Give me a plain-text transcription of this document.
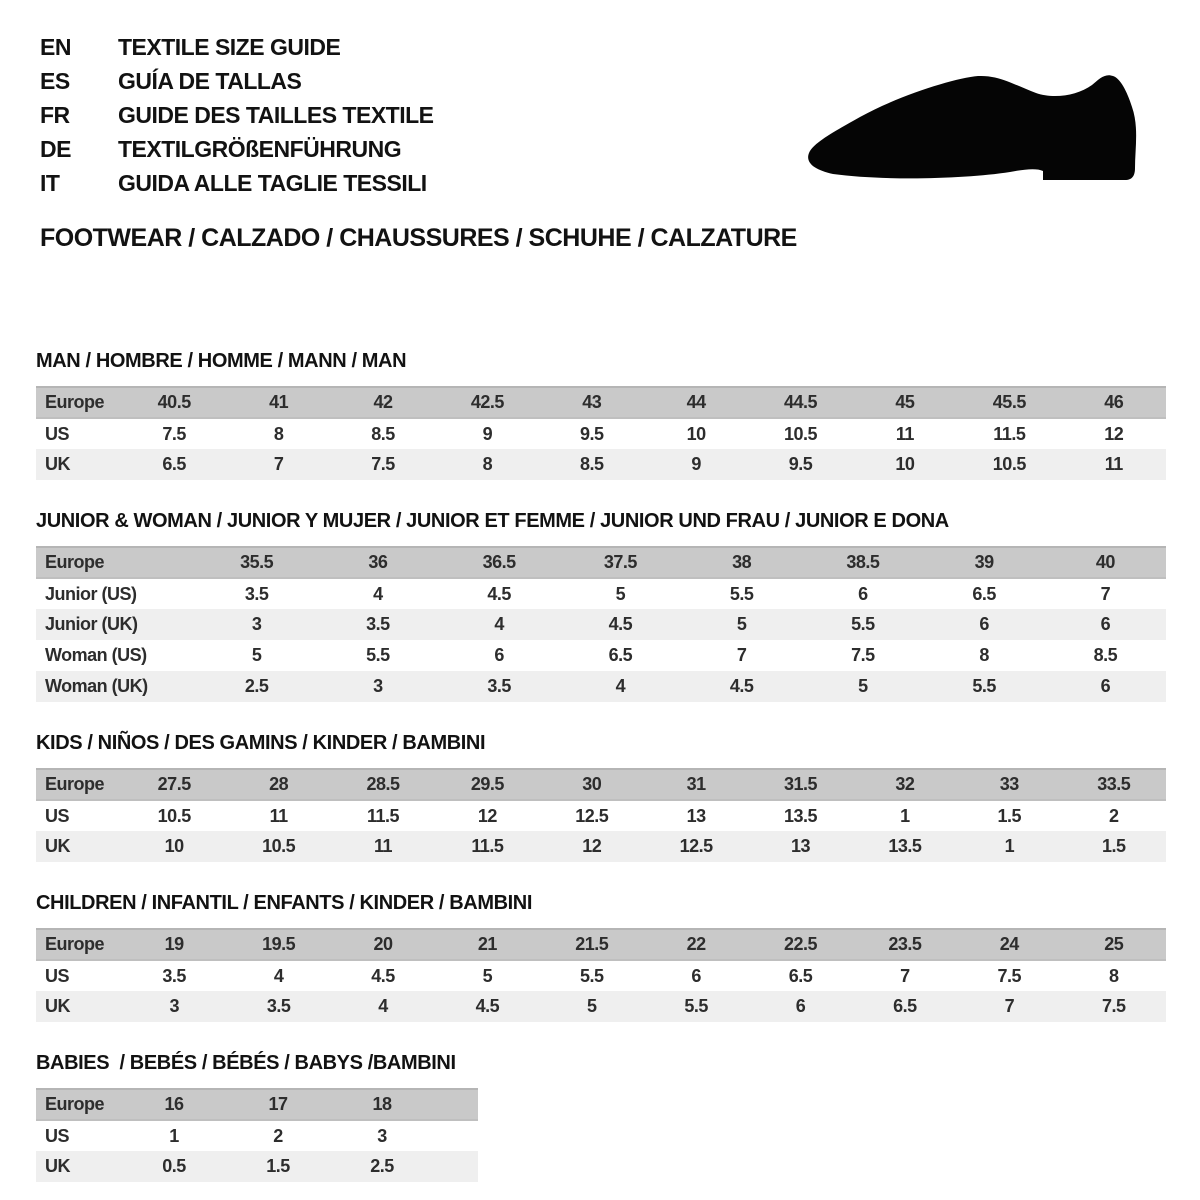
EN	TEXTILE SIZE GUIDE
ES	GUÍA DE TALLAS
FR	GUIDE DES TAILLES TEXTILE
DE	TEXTILGRÖßENFÜHRUNG
IT	GUIDA ALLE TAGLIE TESSILI
FOOTWEAR / CALZADO / CHAUSSURES / SCHUHE / CALZATURE
MAN / HOMBRE / HOMME / MANN / MAN
Europe	40.5	41	42	42.5	43	44	44.5	45	45.5	46
US	7.5	8	8.5	9	9.5	10	10.5	11	11.5	12
UK	6.5	7	7.5	8	8.5	9	9.5	10	10.5	11
JUNIOR & WOMAN / JUNIOR Y MUJER / JUNIOR ET FEMME / JUNIOR UND FRAU / JUNIOR E DONA
Europe	35.5	36	36.5	37.5	38	38.5	39	40
Junior (US)	3.5	4	4.5	5	5.5	6	6.5	7
Junior (UK)	3	3.5	4	4.5	5	5.5	6	6
Woman (US)	5	5.5	6	6.5	7	7.5	8	8.5
Woman (UK)	2.5	3	3.5	4	4.5	5	5.5	6
KIDS / NIÑOS / DES GAMINS / KINDER / BAMBINI
Europe	27.5	28	28.5	29.5	30	31	31.5	32	33	33.5
US	10.5	11	11.5	12	12.5	13	13.5	1	1.5	2
UK	10	10.5	11	11.5	12	12.5	13	13.5	1	1.5
CHILDREN / INFANTIL / ENFANTS / KINDER / BAMBINI
Europe	19	19.5	20	21	21.5	22	22.5	23.5	24	25
US	3.5	4	4.5	5	5.5	6	6.5	7	7.5	8
UK	3	3.5	4	4.5	5	5.5	6	6.5	7	7.5
BABIES  / BEBÉS / BÉBÉS / BABYS /BAMBINI
Europe	16	17	18	
US	1	2	3	
UK	0.5	1.5	2.5	
